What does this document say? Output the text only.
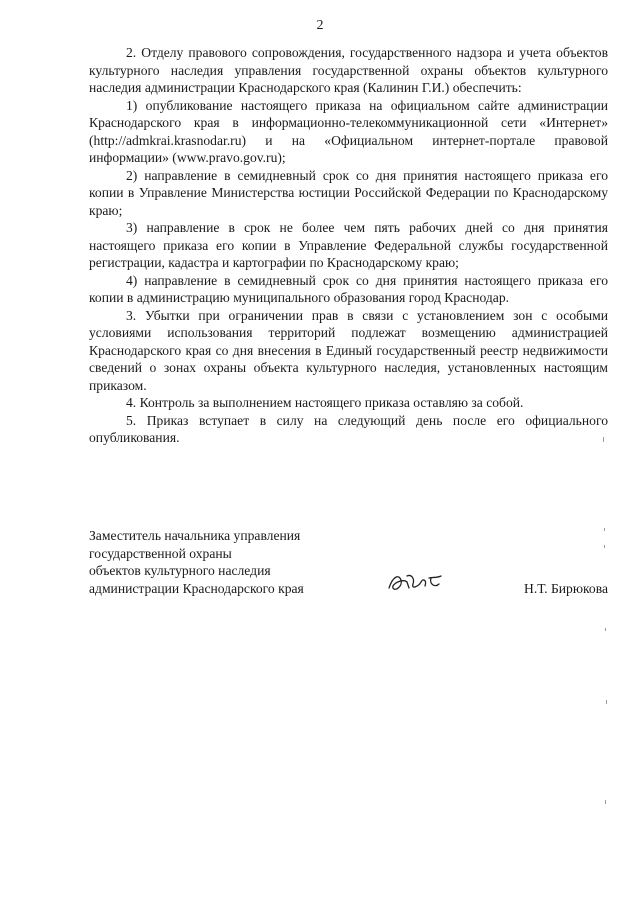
2

2. Отделу правового сопровождения, государственного надзора и учета объектов культурного наследия управления государственной охраны объектов культурного наследия администрации Краснодарского края (Калинин Г.И.) обеспечить:

1) опубликование настоящего приказа на официальном сайте администрации Краснодарского края в информационно-телекоммуникационной сети «Интернет» (http://admkrai.krasnodar.ru) и на «Официальном интернет-портале правовой информации» (www.pravo.gov.ru);

2) направление в семидневный срок со дня принятия настоящего приказа его копии в Управление Министерства юстиции Российской Федерации по Краснодарскому краю;

3) направление в срок не более чем пять рабочих дней со дня принятия настоящего приказа его копии в Управление Федеральной службы государственной регистрации, кадастра и картографии по Краснодарскому краю;

4) направление в семидневный срок со дня принятия настоящего приказа его копии в администрацию муниципального образования город Краснодар.

3. Убытки при ограничении прав в связи с установлением зон с особыми условиями использования территорий подлежат возмещению администрацией Краснодарского края со дня внесения в Единый государственный реестр недвижимости сведений о зонах охраны объекта культурного наследия, установленных настоящим приказом.

4. Контроль за выполнением настоящего приказа оставляю за собой.

5. Приказ вступает в силу на следующий день после его официального опубликования.

Заместитель начальника управления
государственной охраны
объектов культурного наследия
администрации Краснодарского края	Н.Т. Бирюкова
